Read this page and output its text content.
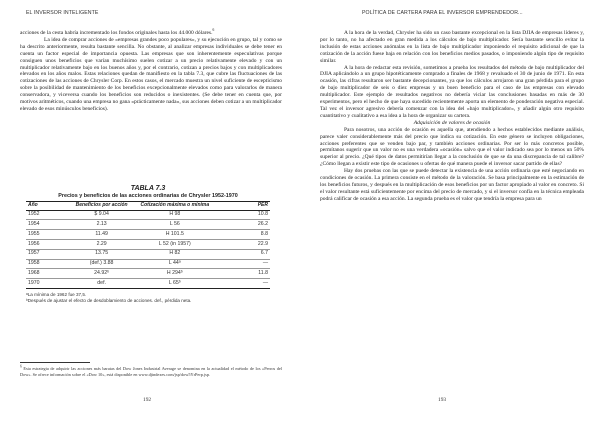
EL INVERSOR INTELIGENTE

acciones de la cesta habría incrementado los fondos originales hasta los 44.000 dólares.$^6$

La idea de comprar acciones de «empresas grandes poco populares», y su ejecución en grupo, tal y como se ha descrito anteriormente, resulta bastante sencilla. No obstante, al analizar empresas individuales se debe tener en cuenta un factor especial de importancia opuesta. Las empresas que son inherentemente especulativas porque consiguen unos beneficios que varían muchísimo suelen cotizar a un precio relativamente elevado y con un multiplicador relativamente bajo en los buenos años y, por el contrario, cotizan a precios bajos y con multiplicadores elevados en los años malos. Estas relaciones quedan de manifiesto en la tabla 7.3, que cubre las fluctuaciones de las cotizaciones de las acciones de Chrysler Corp. En estos casos, el mercado muestra un nivel suficiente de escepticismo sobre la posibilidad de mantenimiento de los beneficios excepcionalmente elevados como para valorarlos de manera conservadora, y viceversa cuando los beneficios son reducidos o inexistentes. (Se debe tener en cuenta que, por motivos aritméticos, cuando una empresa no gana «prácticamente nada», sus acciones deben cotizar a un multiplicador elevado de esos minúsculos beneficios).

TABLA 7.3
Precios y beneficios de las acciones ordinarias de Chrysler 1952-1970
Año	Beneficios por acción	Cotización máxima o mínima	PER
1952	$ 9.04	H 98	10.8
1954	2.13	L 56	26.2
1955	11.49	H 101.5	8.8
1956	2.29	L 52 (in 1957)	22.9
1957	13.75	H 82	6.7
1958	(def.) 3.88	L 44ᵃ	—
1968	24.92ᵇ	H 294ᵇ	11.8
1970	def.	L 65ᵇ	—
ᵃLa mínima de 1962 fue 37,5.
ᵇDespués de ajustar el efecto de desdoblamiento de acciones. def., pérdida neta.
$^6$ Esta estrategia de adquirir las acciones más baratas del Dow Jones Industrial Average se denomina en la actualidad el método de los «Perros del Dow». Se ofrece información sobre el «Dow 10», está disponible en www.djindexes.com/jsp/dow5YrPerp.jsp.
192
POLÍTICA DE CARTERA PARA EL INVERSOR EMPRENDEDOR...

A la hora de la verdad, Chrysler ha sido un caso bastante excepcional en la lista DJIA de empresas líderes y, por lo tanto, no ha afectado en gran medida a los cálculos de bajo multiplicador. Sería bastante sencillo evitar la inclusión de estas acciones anómalas en la lista de bajo multiplicador imponiendo el requisito adicional de que la cotización de la acción fuese baja en relación con los beneficios medios pasados, o imponiendo algún tipo de requisito similar.

A la hora de redactar esta revisión, sometimos a prueba los resultados del método de bajo multiplicador del DJIA aplicándolo a un grupo hipotéticamente comprado a finales de 1968 y revaluado el 30 de junio de 1971. En esta ocasión, las cifras resultaron ser bastante decepcionantes, ya que los cálculos arrojaron una gran pérdida para el grupo de bajo multiplicador de seis o diez empresas y un buen beneficio para el caso de las empresas con elevado multiplicador. Este ejemplo de resultados negativos no debería viciar las conclusiones basadas en más de 30 experimentos, pero el hecho de que haya sucedido recientemente aporta un elemento de ponderación negativa especial. Tal vez el inversor agresivo debería comenzar con la idea del «bajo multiplicador», y añadir algún otro requisito cuantitativo y cualitativo a esa idea a la hora de organizar su cartera.

Adquisición de valores de ocasión

Para nosotros, una acción de ocasión es aquella que, atendiendo a hechos establecidos mediante análisis, parece valer considerablemente más del precio que indica su cotización. En este género se incluyen obligaciones, acciones preferentes que se venden bajo par, y también acciones ordinarias. Por ser lo más concretos posible, permítanos sugerir que un valor no es una verdadera «ocasión» salvo que el valor indicado sea por lo menos un 50% superior al precio. ¿Qué tipos de datos permitirían llegar a la conclusión de que se da una discrepancia de tal calibre? ¿Cómo llegan a existir este tipo de ocasiones u ofertas de qué manera puede el inversor sacar partido de ellas?

Hay dos pruebas con las que se puede detectar la existencia de una acción ordinaria que esté negociando en condiciones de ocasión. La primera consiste en el método de la valoración. Se basa principalmente en la estimación de los beneficios futuros, y después en la multiplicación de esos beneficios por un factor apropiado al valor en concreto. Si el valor resultante está suficientemente por encima del precio de mercado, y si el inversor confía en la técnica empleada podrá calificar de ocasión a esa acción. La segunda prueba es el valor que tendría la empresa para un

193
